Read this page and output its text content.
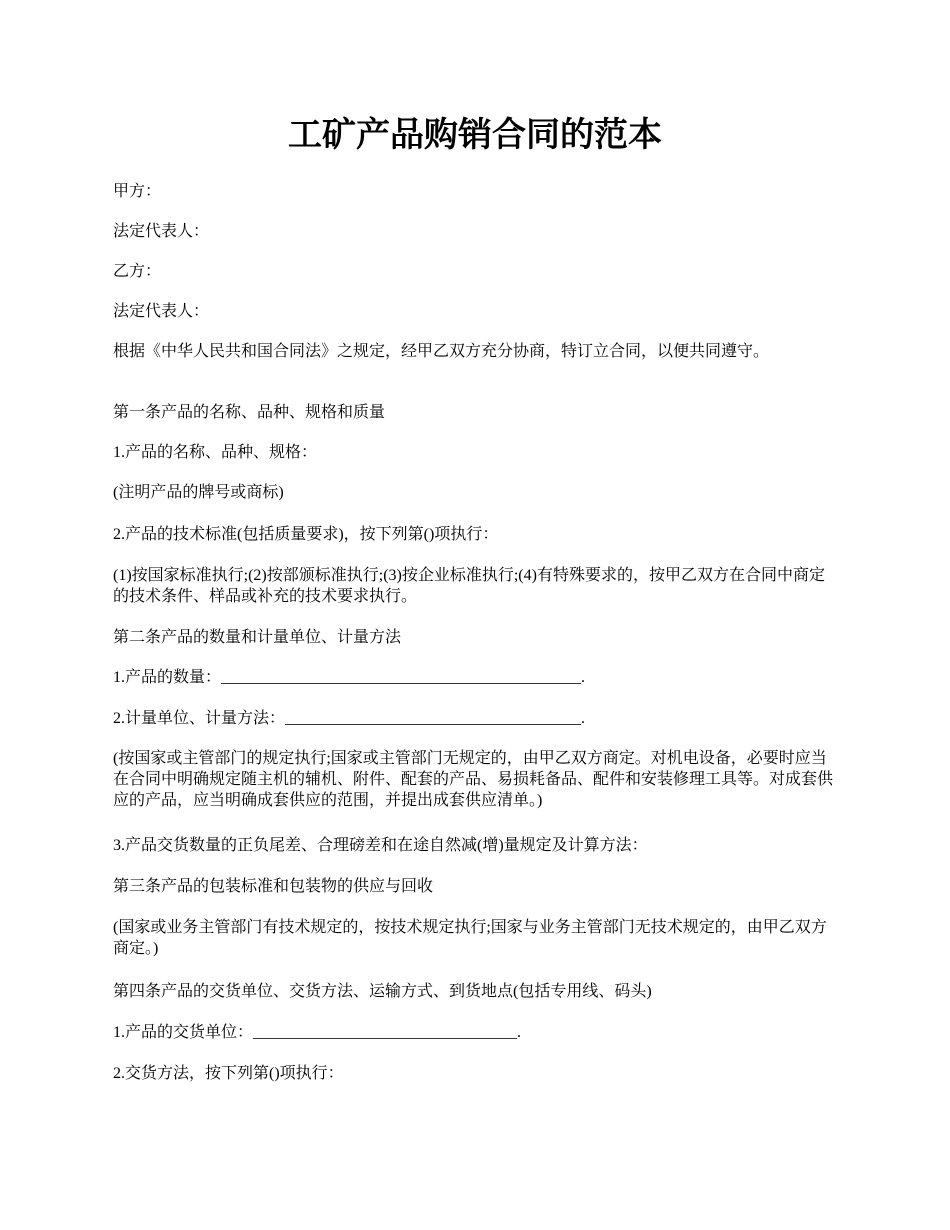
工矿产品购销合同的范本

甲方：

法定代表人：

乙方：

法定代表人：

根据《中华人民共和国合同法》之规定，经甲乙双方充分协商，特订立合同，以便共同遵守。

第一条产品的名称、品种、规格和质量

1.产品的名称、品种、规格：

(注明产品的牌号或商标)

2.产品的技术标准(包括质量要求)，按下列第()项执行：

(1)按国家标准执行;(2)按部颁标准执行;(3)按企业标准执行;(4)有特殊要求的，按甲乙双方在合同中商定的技术条件、样品或补充的技术要求执行。

第二条产品的数量和计量单位、计量方法

1.产品的数量：_____________________________________________.

2.计量单位、计量方法：_____________________________________.

(按国家或主管部门的规定执行;国家或主管部门无规定的，由甲乙双方商定。对机电设备，必要时应当在合同中明确规定随主机的辅机、附件、配套的产品、易损耗备品、配件和安装修理工具等。对成套供应的产品，应当明确成套供应的范围，并提出成套供应清单。)

3.产品交货数量的正负尾差、合理磅差和在途自然减(增)量规定及计算方法：

第三条产品的包装标准和包装物的供应与回收

(国家或业务主管部门有技术规定的，按技术规定执行;国家与业务主管部门无技术规定的，由甲乙双方商定。)

第四条产品的交货单位、交货方法、运输方式、到货地点(包括专用线、码头)

1.产品的交货单位：_________________________________.

2.交货方法，按下列第()项执行：
